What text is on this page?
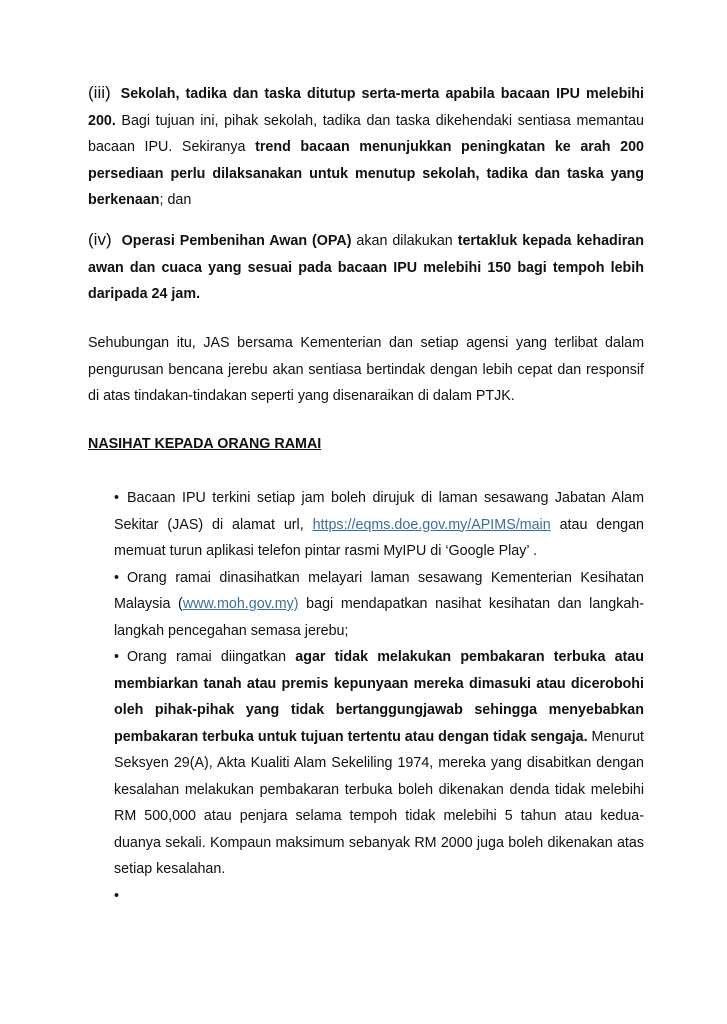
(iii) Sekolah, tadika dan taska ditutup serta-merta apabila bacaan IPU melebihi 200. Bagi tujuan ini, pihak sekolah, tadika dan taska dikehendaki sentiasa memantau bacaan IPU. Sekiranya trend bacaan menunjukkan peningkatan ke arah 200 persediaan perlu dilaksanakan untuk menutup sekolah, tadika dan taska yang berkenaan; dan
(iv) Operasi Pembenihan Awan (OPA) akan dilakukan tertakluk kepada kehadiran awan dan cuaca yang sesuai pada bacaan IPU melebihi 150 bagi tempoh lebih daripada 24 jam.
Sehubungan itu, JAS bersama Kementerian dan setiap agensi yang terlibat dalam pengurusan bencana jerebu akan sentiasa bertindak dengan lebih cepat dan responsif di atas tindakan-tindakan seperti yang disenaraikan di dalam PTJK.
NASIHAT KEPADA ORANG RAMAI
• Bacaan IPU terkini setiap jam boleh dirujuk di laman sesawang Jabatan Alam Sekitar (JAS) di alamat url, https://eqms.doe.gov.my/APIMS/main atau dengan memuat turun aplikasi telefon pintar rasmi MyIPU di ‘Google Play’ .
• Orang ramai dinasihatkan melayari laman sesawang Kementerian Kesihatan Malaysia (www.moh.gov.my) bagi mendapatkan nasihat kesihatan dan langkah-langkah pencegahan semasa jerebu;
• Orang ramai diingatkan agar tidak melakukan pembakaran terbuka atau membiarkan tanah atau premis kepunyaan mereka dimasuki atau dicerobohi oleh pihak-pihak yang tidak bertanggungjawab sehingga menyebabkan pembakaran terbuka untuk tujuan tertentu atau dengan tidak sengaja. Menurut Seksyen 29(A), Akta Kualiti Alam Sekeliling 1974, mereka yang disabitkan dengan kesalahan melakukan pembakaran terbuka boleh dikenakan denda tidak melebihi RM 500,000 atau penjara selama tempoh tidak melebihi 5 tahun atau kedua-duanya sekali. Kompaun maksimum sebanyak RM 2000 juga boleh dikenakan atas setiap kesalahan.
•
